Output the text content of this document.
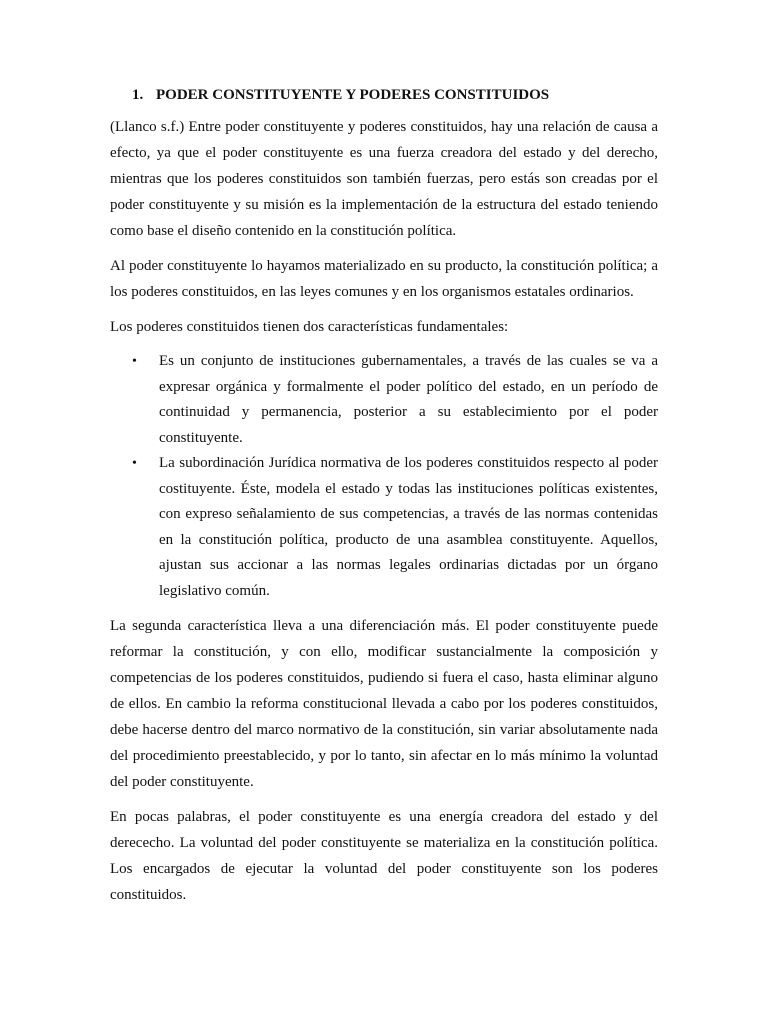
1. PODER CONSTITUYENTE Y PODERES CONSTITUIDOS

(Llanco s.f.) Entre poder constituyente y poderes constituidos, hay una relación de causa a efecto, ya que el poder constituyente es una fuerza creadora del estado y del derecho, mientras que los poderes constituidos son también fuerzas, pero estás son creadas por el poder constituyente y su misión es la implementación de la estructura del estado teniendo como base el diseño contenido en la constitución política.

Al poder constituyente lo hayamos materializado en su producto, la constitución política; a los poderes constituidos, en las leyes comunes y en los organismos estatales ordinarios.

Los poderes constituidos tienen dos características fundamentales:

• Es un conjunto de instituciones gubernamentales, a través de las cuales se va a expresar orgánica y formalmente el poder político del estado, en un período de continuidad y permanencia, posterior a su establecimiento por el poder constituyente.
• La subordinación Jurídica normativa de los poderes constituidos respecto al poder costituyente. Éste, modela el estado y todas las instituciones políticas existentes, con expreso señalamiento de sus competencias, a través de las normas contenidas en la constitución política, producto de una asamblea constituyente. Aquellos, ajustan sus accionar a las normas legales ordinarias dictadas por un órgano legislativo común.

La segunda característica lleva a una diferenciación más. El poder constituyente puede reformar la constitución, y con ello, modificar sustancialmente la composición y competencias de los poderes constituidos, pudiendo si fuera el caso, hasta eliminar alguno de ellos. En cambio la reforma constitucional llevada a cabo por los poderes constituidos, debe hacerse dentro del marco normativo de la constitución, sin variar absolutamente nada del procedimiento preestablecido, y por lo tanto, sin afectar en lo más mínimo la voluntad del poder constituyente.

En pocas palabras, el poder constituyente es una energía creadora del estado y del derececho. La voluntad del poder constituyente se materializa en la constitución política. Los encargados de ejecutar la voluntad del poder constituyente son los poderes constituidos.
